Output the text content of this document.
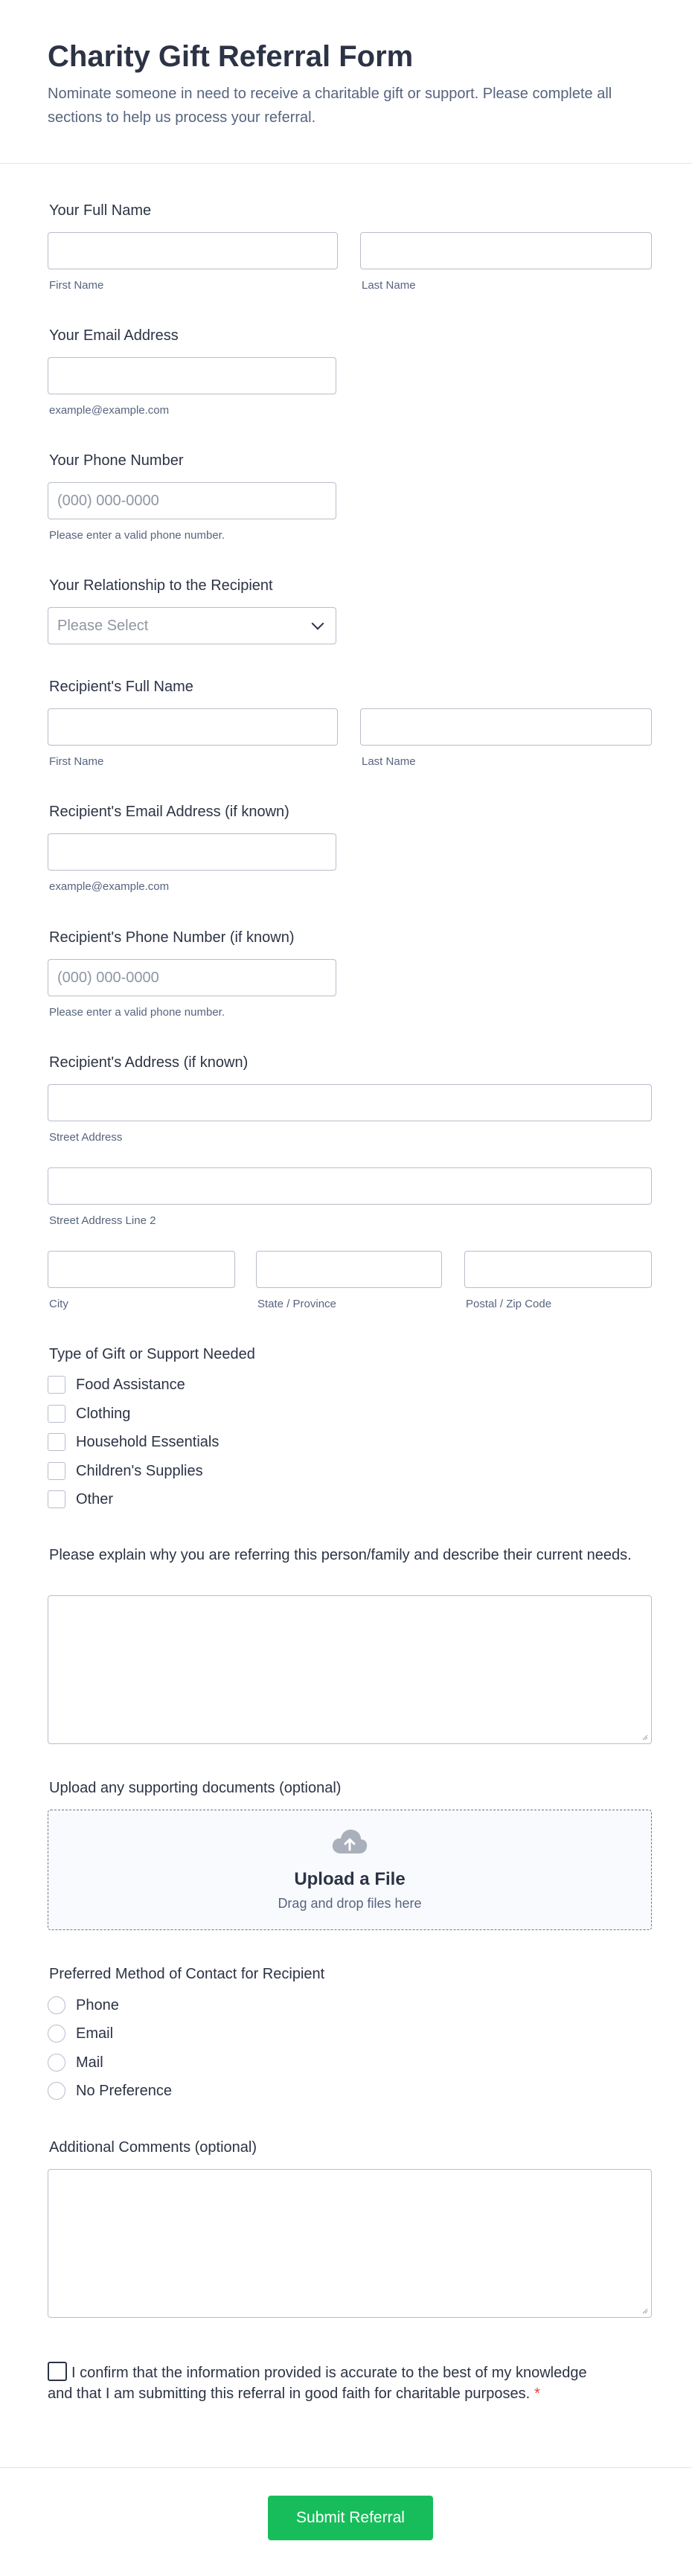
Charity Gift Referral Form
Nominate someone in need to receive a charitable gift or support. Please complete all sections to help us process your referral.
Your Full Name
First Name	Last Name
Your Email Address
example@example.com
Your Phone Number
(000) 000-0000
Please enter a valid phone number.
Your Relationship to the Recipient
Please Select
Recipient's Full Name
First Name	Last Name
Recipient's Email Address (if known)
example@example.com
Recipient's Phone Number (if known)
(000) 000-0000
Please enter a valid phone number.
Recipient's Address (if known)
Street Address
Street Address Line 2
City	State / Province	Postal / Zip Code
Type of Gift or Support Needed
Food Assistance
Clothing
Household Essentials
Children's Supplies
Other
Please explain why you are referring this person/family and describe their current needs.
Upload any supporting documents (optional)
Upload a File
Drag and drop files here
Preferred Method of Contact for Recipient
Phone
Email
Mail
No Preference
Additional Comments (optional)
I confirm that the information provided is accurate to the best of my knowledge and that I am submitting this referral in good faith for charitable purposes. *
Submit Referral
